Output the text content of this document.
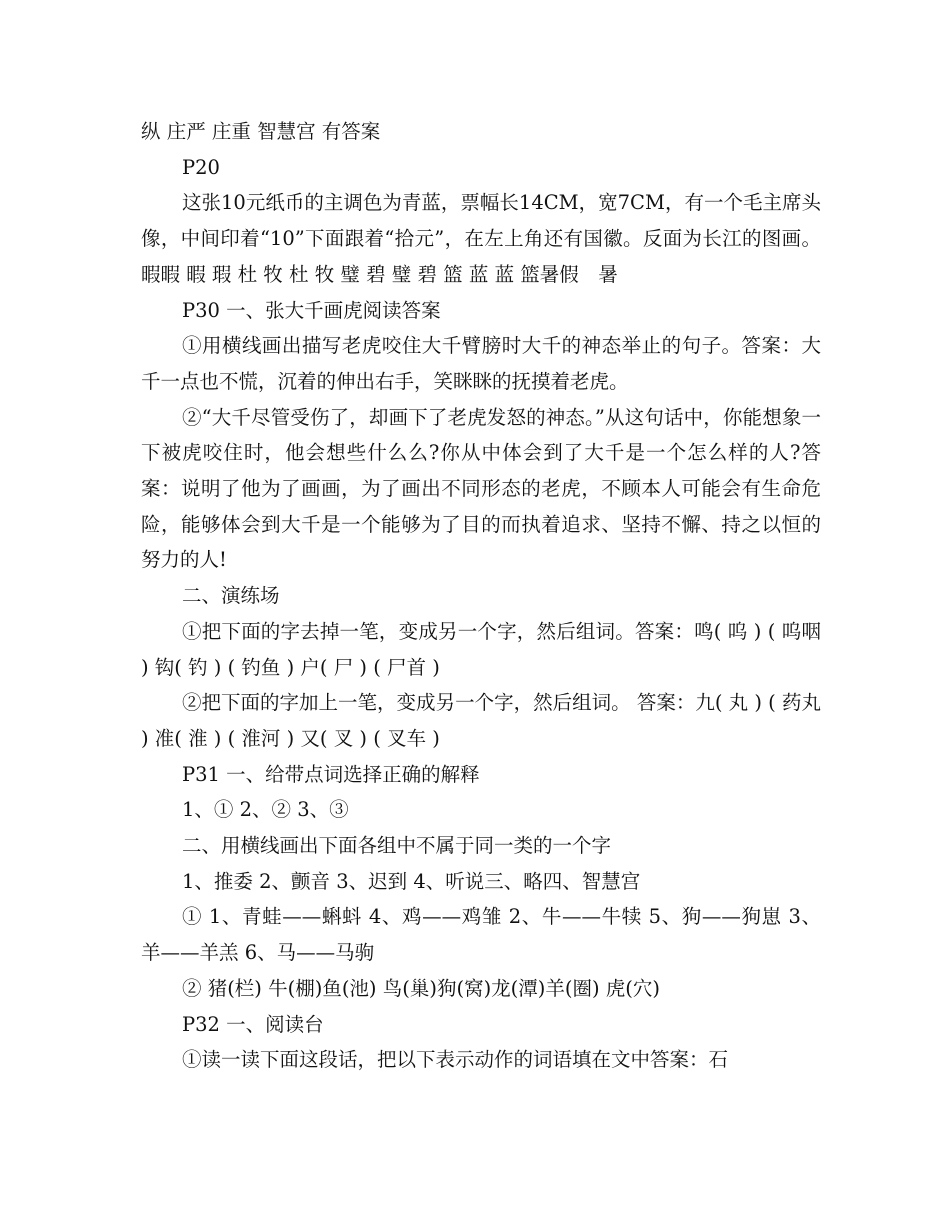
纵 庄严 庄重 智慧宫 有答案

P20

这张10元纸币的主调色为青蓝，票幅长14CM，宽7CM，有一个毛主席头像，中间印着“10”下面跟着“拾元”，在左上角还有国徽。反面为长江的图画。暇暇 暇 瑕 杜 牧 杜 牧 璧 碧 璧 碧 篮 蓝 蓝 篮暑假　暑

P30 一、张大千画虎阅读答案

①用横线画出描写老虎咬住大千臂膀时大千的神态举止的句子。答案：大千一点也不慌，沉着的伸出右手，笑眯眯的抚摸着老虎。

②“大千尽管受伤了，却画下了老虎发怒的神态。”从这句话中，你能想象一下被虎咬住时，他会想些什么么?你从中体会到了大千是一个怎么样的人?答案：说明了他为了画画，为了画出不同形态的老虎，不顾本人可能会有生命危险，能够体会到大千是一个能够为了目的而执着追求、坚持不懈、持之以恒的努力的人!

二、演练场

①把下面的字去掉一笔，变成另一个字，然后组词。答案：鸣( 呜 ) ( 呜咽 ) 钩( 钓 ) ( 钓鱼 ) 户( 尸 ) ( 尸首 )

②把下面的字加上一笔，变成另一个字，然后组词。 答案：九( 丸 ) ( 药丸 ) 准( 淮 ) ( 淮河 ) 又( 叉 ) ( 叉车 )

P31 一、给带点词选择正确的解释

1、① 2、② 3、③

二、用横线画出下面各组中不属于同一类的一个字

1、推委 2、颤音 3、迟到 4、听说三、略四、智慧宫

① 1、青蛙——蝌蚪 4、鸡——鸡雏 2、牛——牛犊 5、狗——狗崽 3、羊——羊羔 6、马——马驹

② 猪(栏) 牛(棚)鱼(池) 鸟(巢)狗(窝)龙(潭)羊(圈) 虎(穴)

P32 一、阅读台

①读一读下面这段话，把以下表示动作的词语填在文中答案：石
